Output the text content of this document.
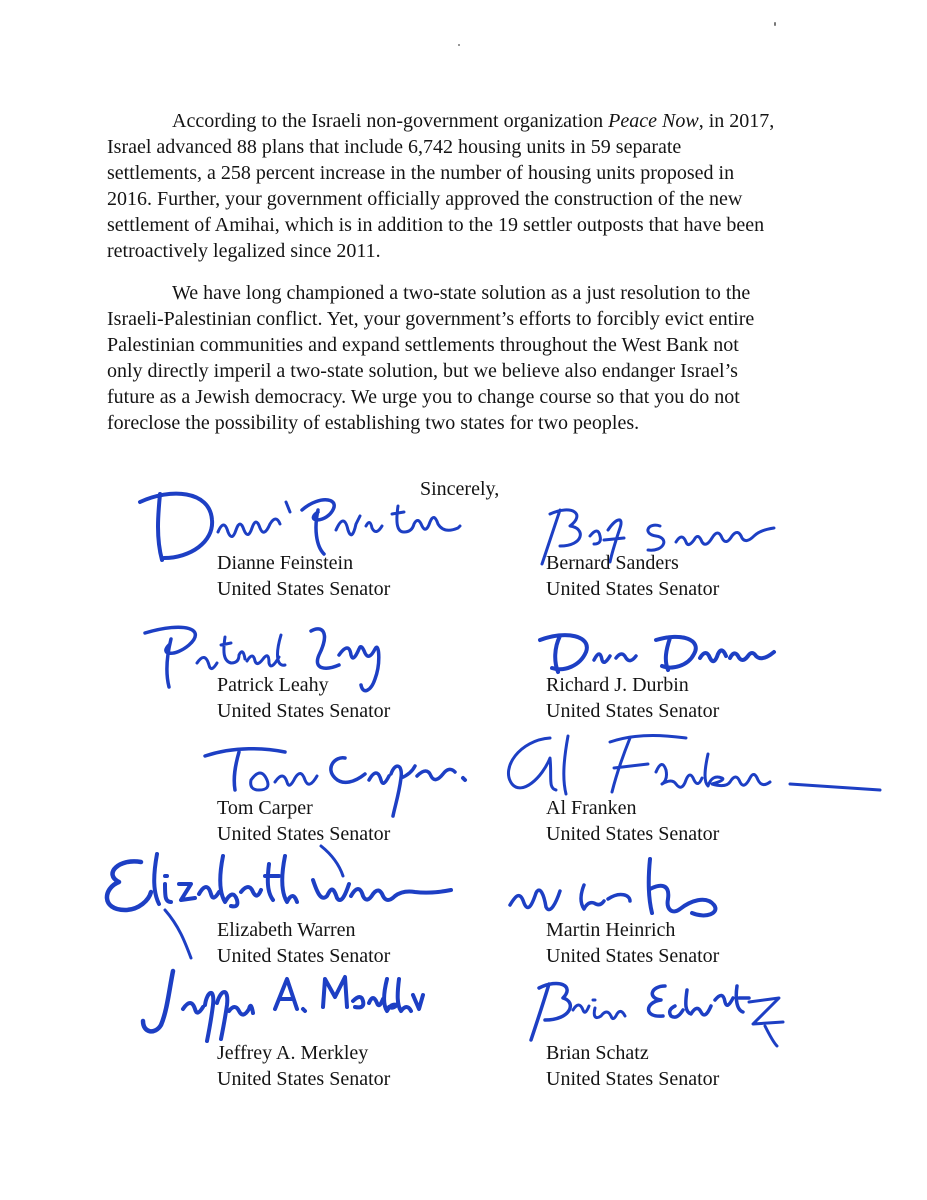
According to the Israeli non-government organization Peace Now, in 2017,
Israel advanced 88 plans that include 6,742 housing units in 59 separate
settlements, a 258 percent increase in the number of housing units proposed in
2016. Further, your government officially approved the construction of the new
settlement of Amihai, which is in addition to the 19 settler outposts that have been
retroactively legalized since 2011.
We have long championed a two-state solution as a just resolution to the
Israeli-Palestinian conflict. Yet, your government’s efforts to forcibly evict entire
Palestinian communities and expand settlements throughout the West Bank not
only directly imperil a two-state solution, but we believe also endanger Israel’s
future as a Jewish democracy. We urge you to change course so that you do not
foreclose the possibility of establishing two states for two peoples.
Sincerely,
Dianne Feinstein
United States Senator
Bernard Sanders
United States Senator
Patrick Leahy
United States Senator
Richard J. Durbin
United States Senator
Tom Carper
United States Senator
Al Franken
United States Senator
Elizabeth Warren
United States Senator
Martin Heinrich
United States Senator
Jeffrey A. Merkley
United States Senator
Brian Schatz
United States Senator
